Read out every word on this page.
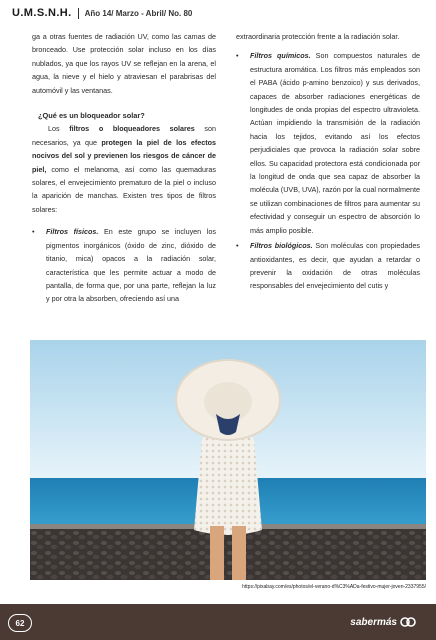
U.M.S.N.H. Año 14/ Marzo - Abril/ No. 80

ga a otras fuentes de radiación UV, como las camas de bronceado. Use protección solar incluso en los días nublados, ya que los rayos UV se reflejan en la arena, el agua, la nieve y el hielo y atraviesan el parabrisas del automóvil y las ventanas.

¿Qué es un bloqueador solar?

Los filtros o bloqueadores solares son necesarios, ya que protegen la piel de los efectos nocivos del sol y previenen los riesgos de cáncer de piel, como el melanoma, así como las quemaduras solares, el envejecimiento prematuro de la piel o incluso la aparición de manchas. Existen tres tipos de filtros solares:

•	Filtros físicos. En este grupo se incluyen los pigmentos inorgánicos (óxido de zinc, dióxido de titanio, mica) opacos a la radiación solar, característica que les permite actuar a modo de pantalla, de forma que, por una parte, reflejan la luz y por otra la absorben, ofreciendo así una

extraordinaria protección frente a la radiación solar.

•	Filtros químicos. Son compuestos naturales de estructura aromática. Los filtros más empleados son el PABA (ácido p-amino benzoico) y sus derivados, capaces de absorber radiaciones energéticas de longitudes de onda propias del espectro ultravioleta. Actúan impidiendo la transmisión de la radiación hacia los tejidos, evitando así los efectos perjudiciales que provoca la radiación solar sobre ellos. Su capacidad protectora está condicionada por la longitud de onda que sea capaz de absorber la molécula (UVB, UVA), razón por la cual normalmente se utilizan combinaciones de filtros para aumentar su efectividad y conseguir un espectro de absorción lo más amplio posible.

•	Filtros biológicos. Son moléculas con propiedades antioxidantes, es decir, que ayudan a retardar o prevenir la oxidación de otras moléculas responsables del envejecimiento del cutis y

https://pixabay.com/es/photos/el-verano-d%C3%ADa-festivo-mujer-joven-2337955/
62	sabermás
